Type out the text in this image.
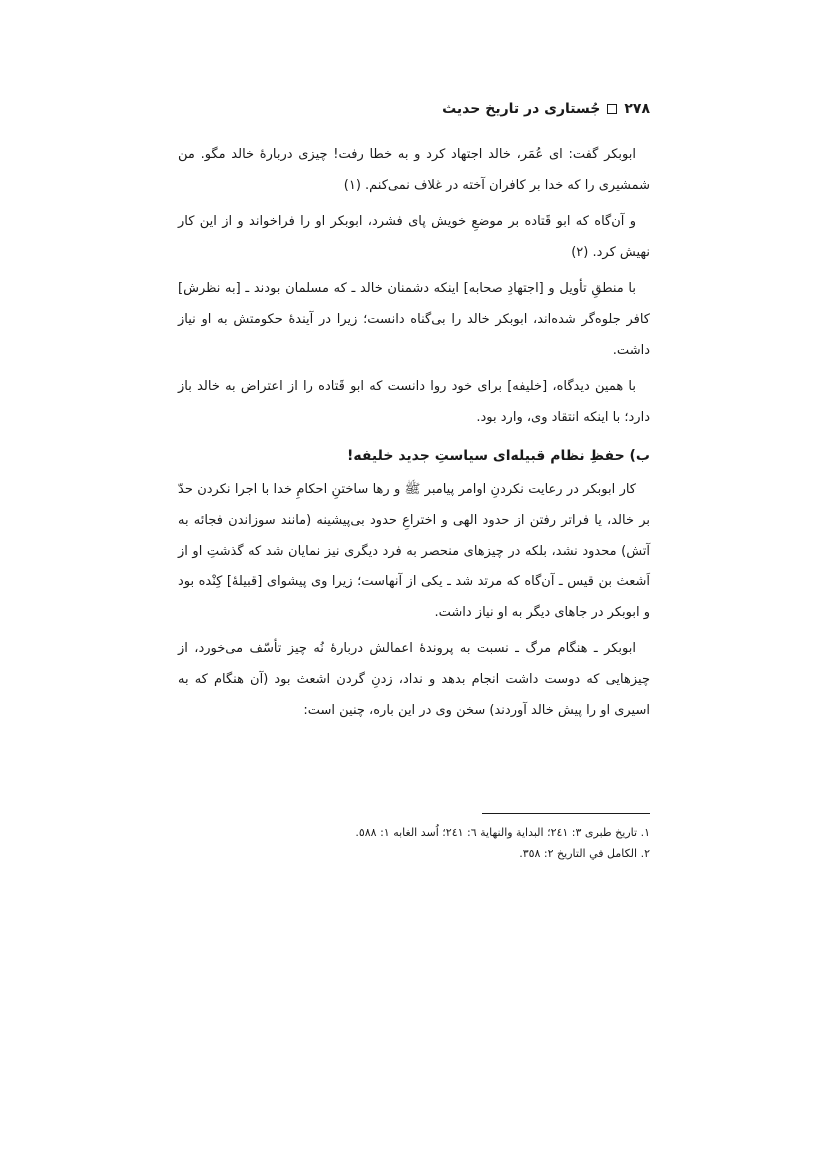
۲۷۸
جُستاری در تاریخ حدیث

ابوبکر گفت: ای عُمَر، خالد اجتهاد کرد و به خطا رفت! چیزی دربارهٔ خالد مگو. من شمشیری را که خدا بر کافران آخته در غلاف نمی‌کنم. (۱)

و آن‌گاه که ابو قَتاده بر موضعِ خویش پای فشرد، ابوبکر او را فراخواند و از این کار نهیش کرد. (۲)

با منطقِ تأویل و [اجتهادِ صحابه] اینکه دشمنان خالد ـ که مسلمان بودند ـ [به نظرش] کافر جلوه‌گر شده‌اند، ابوبکر خالد را بی‌گناه دانست؛ زیرا در آیندهٔ حکومتش به او نیاز داشت.

با همین دیدگاه، [خلیفه] برای خود روا دانست که ابو قَتاده را از اعتراض به خالد باز دارد؛ با اینکه انتقاد وی، وارد بود.

ب) حفظِ نظام قبیله‌ای سیاستِ جدید خلیفه!

کار ابوبکر در رعایت نکردنِ اوامر پیامبر ﷺ و رها ساختنِ احکامِ خدا با اجرا نکردن حدّ بر خالد، یا فراتر رفتن از حدود الهی و اختراعِ حدود بی‌پیشینه (مانند سوزاندن فجائه به آتش) محدود نشد، بلکه در چیزهای منحصر به فرد دیگری نیز نمایان شد که گذشتِ او از اَشعث بن قیس ـ آن‌گاه که مرتد شد ـ یکی از آنهاست؛ زیرا وی پیشوای [قبیلهٔ] کِنْده بود و ابوبکر در جاهای دیگر به او نیاز داشت.

ابوبکر ـ هنگام مرگ ـ نسبت به پروندهٔ اعمالش دربارهٔ نُه چیز تأسّف می‌خورد، از چیزهایی که دوست داشت انجام بدهد و نداد، زدنِ گردن اشعث بود (آن هنگام که به اسیری او را پیش خالد آوردند) سخن وی در این باره، چنین است:

١. تاريخ طبرى ٣: ٢٤١؛ البداية والنهاية ٦: ٢٤١؛ اُسد الغابه ١: ٥٨٨.
٢. الكامل في التاريخ ٢: ٣٥٨.
